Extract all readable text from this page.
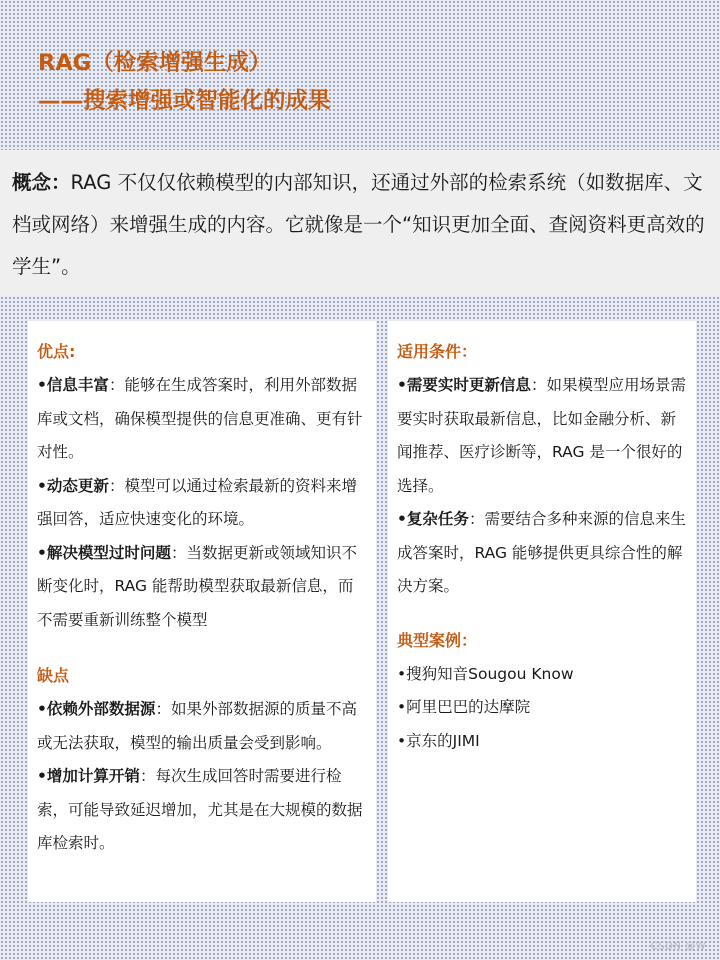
RAG（检索增强生成）
——搜索增强或智能化的成果
概念：RAG 不仅仅依赖模型的内部知识，还通过外部的检索系统（如数据库、文档或网络）来增强生成的内容。它就像是一个“知识更加全面、查阅资料更高效的学生”。
优点:
•信息丰富：能够在生成答案时，利用外部数据库或文档，确保模型提供的信息更准确、更有针对性。
•动态更新：模型可以通过检索最新的资料来增强回答，适应快速变化的环境。
•解决模型过时问题：当数据更新或领域知识不断变化时，RAG 能帮助模型获取最新信息，而不需要重新训练整个模型
缺点
•依赖外部数据源：如果外部数据源的质量不高或无法获取，模型的输出质量会受到影响。
•增加计算开销：每次生成回答时需要进行检索，可能导致延迟增加，尤其是在大规模的数据库检索时。
适用条件：
•需要实时更新信息：如果模型应用场景需要实时获取最新信息，比如金融分析、新闻推荐、医疗诊断等，RAG 是一个很好的选择。
•复杂任务：需要结合多种来源的信息来生成答案时，RAG 能够提供更具综合性的解决方案。
典型案例：
•搜狗知音Sougou Know
•阿里巴巴的达摩院
•京东的JIMI
CSDN @W
